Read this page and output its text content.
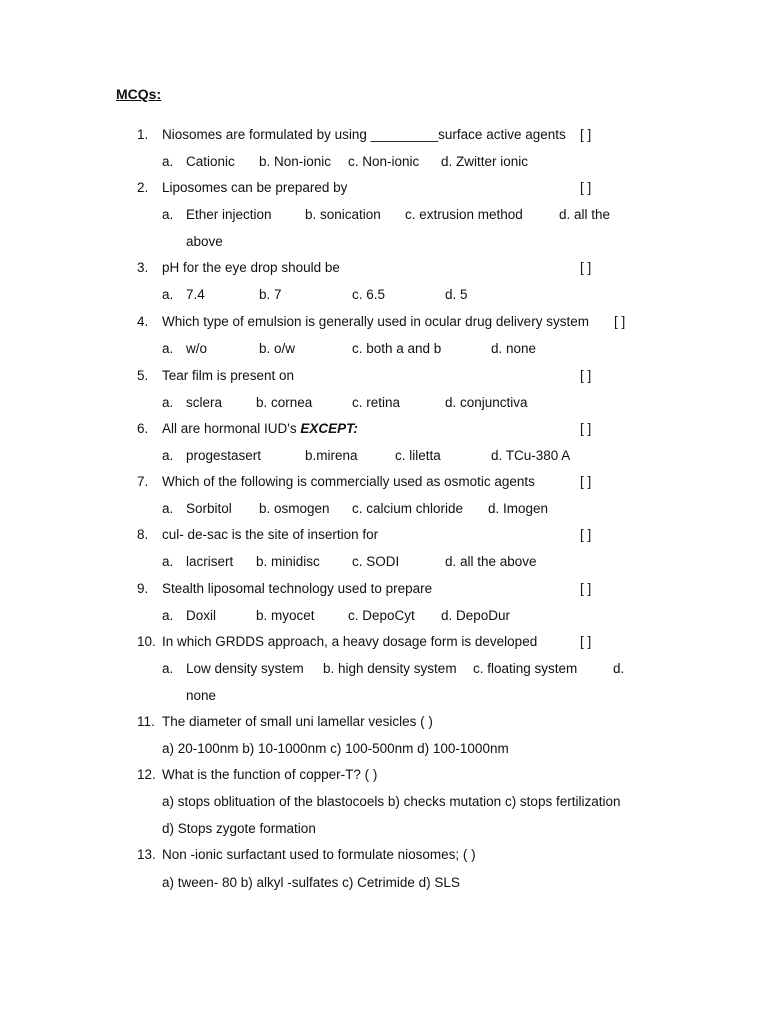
MCQs:
1. Niosomes are formulated by using _________surface active agents [ ]
a. Cationic b. Non-ionic c. Non-ionic d. Zwitter ionic
2. Liposomes can be prepared by	[ ]
a. Ether injection b. sonication c. extrusion method	d. all the
above
3. pH for the eye drop should be	[ ]
a. 7.4	b. 7	c. 6.5	d. 5
4. Which type of emulsion is generally used in ocular drug delivery system [ ]
a. w/o	b. o/w	c. both a and b	d. none
5. Tear film is present on	[ ]
a. sclera	b. cornea	c. retina	d. conjunctiva
6. All are hormonal IUD's EXCEPT:	[ ]
a. progestasert	b.mirena	c. liletta	d. TCu-380 A
7. Which of the following is commercially used as osmotic agents	[ ]
a. Sorbitol b. osmogen c. calcium chloride d. Imogen
8. cul- de-sac is the site of insertion for	[ ]
a. lacrisert b. minidisc c. SODI	d. all the above
9. Stealth liposomal technology used to prepare	[ ]
a. Doxil	b. myocet c. DepoCyt d. DepoDur
10. In which GRDDS approach, a heavy dosage form is developed	[ ]
a. Low density system b. high density system c. floating system	d.
none
11. The diameter of small uni lamellar vesicles ( )
a) 20-100nm b) 10-1000nm c) 100-500nm d) 100-1000nm
12. What is the function of copper-T? ( )
a) stops oblituation of the blastocoels b) checks mutation c) stops fertilization
d) Stops zygote formation
13. Non -ionic surfactant used to formulate niosomes; ( )
a) tween- 80 b) alkyl -sulfates c) Cetrimide d) SLS
